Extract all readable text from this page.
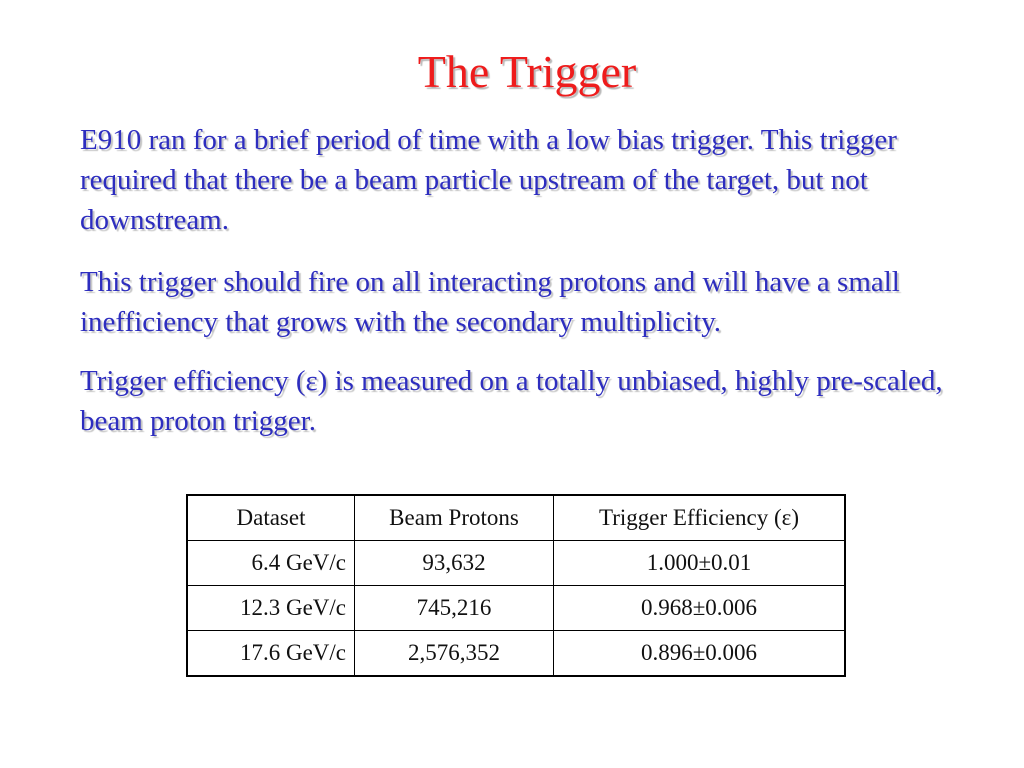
The Trigger

E910 ran for a brief period of time with a low bias trigger. This trigger required that there be a beam particle upstream of the target, but not downstream.

This trigger should fire on all interacting protons and will have a small inefficiency that grows with the secondary multiplicity.

Trigger efficiency (ε) is measured on a totally unbiased, highly pre-scaled, beam proton trigger.

Dataset	Beam Protons	Trigger Efficiency (ε)
6.4 GeV/c	93,632	1.000±0.01
12.3 GeV/c	745,216	0.968±0.006
17.6 GeV/c	2,576,352	0.896±0.006
